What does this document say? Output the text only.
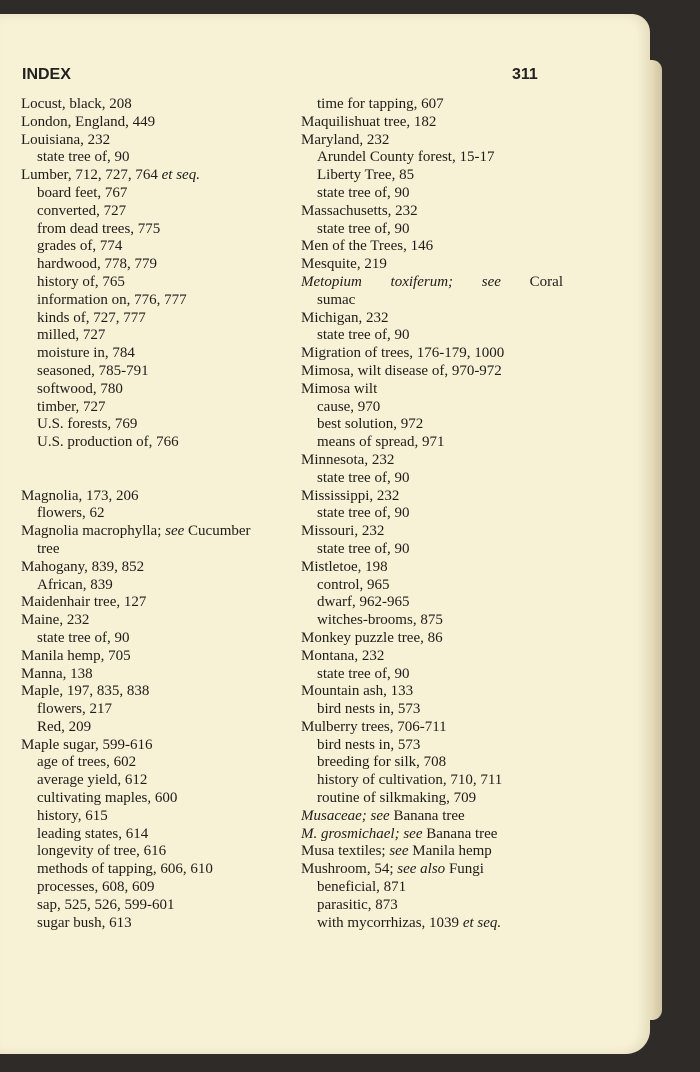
INDEX	311
Locust, black, 208
London, England, 449
Louisiana, 232
state tree of, 90
Lumber, 712, 727, 764 et seq.
board feet, 767
converted, 727
from dead trees, 775
grades of, 774
hardwood, 778, 779
history of, 765
information on, 776, 777
kinds of, 727, 777
milled, 727
moisture in, 784
seasoned, 785-791
softwood, 780
timber, 727
U.S. forests, 769
U.S. production of, 766
Magnolia, 173, 206
flowers, 62
Magnolia macrophylla; see Cucumber
tree
Mahogany, 839, 852
African, 839
Maidenhair tree, 127
Maine, 232
state tree of, 90
Manila hemp, 705
Manna, 138
Maple, 197, 835, 838
flowers, 217
Red, 209
Maple sugar, 599-616
age of trees, 602
average yield, 612
cultivating maples, 600
history, 615
leading states, 614
longevity of tree, 616
methods of tapping, 606, 610
processes, 608, 609
sap, 525, 526, 599-601
sugar bush, 613
time for tapping, 607
Maquilishuat tree, 182
Maryland, 232
Arundel County forest, 15-17
Liberty Tree, 85
state tree of, 90
Massachusetts, 232
state tree of, 90
Men of the Trees, 146
Mesquite, 219
Metopium toxiferum; see Coral
sumac
Michigan, 232
state tree of, 90
Migration of trees, 176-179, 1000
Mimosa, wilt disease of, 970-972
Mimosa wilt
cause, 970
best solution, 972
means of spread, 971
Minnesota, 232
state tree of, 90
Mississippi, 232
state tree of, 90
Missouri, 232
state tree of, 90
Mistletoe, 198
control, 965
dwarf, 962-965
witches-brooms, 875
Monkey puzzle tree, 86
Montana, 232
state tree of, 90
Mountain ash, 133
bird nests in, 573
Mulberry trees, 706-711
bird nests in, 573
breeding for silk, 708
history of cultivation, 710, 711
routine of silkmaking, 709
Musaceae; see Banana tree
M. grosmichael; see Banana tree
Musa textiles; see Manila hemp
Mushroom, 54; see also Fungi
beneficial, 871
parasitic, 873
with mycorrhizas, 1039 et seq.
